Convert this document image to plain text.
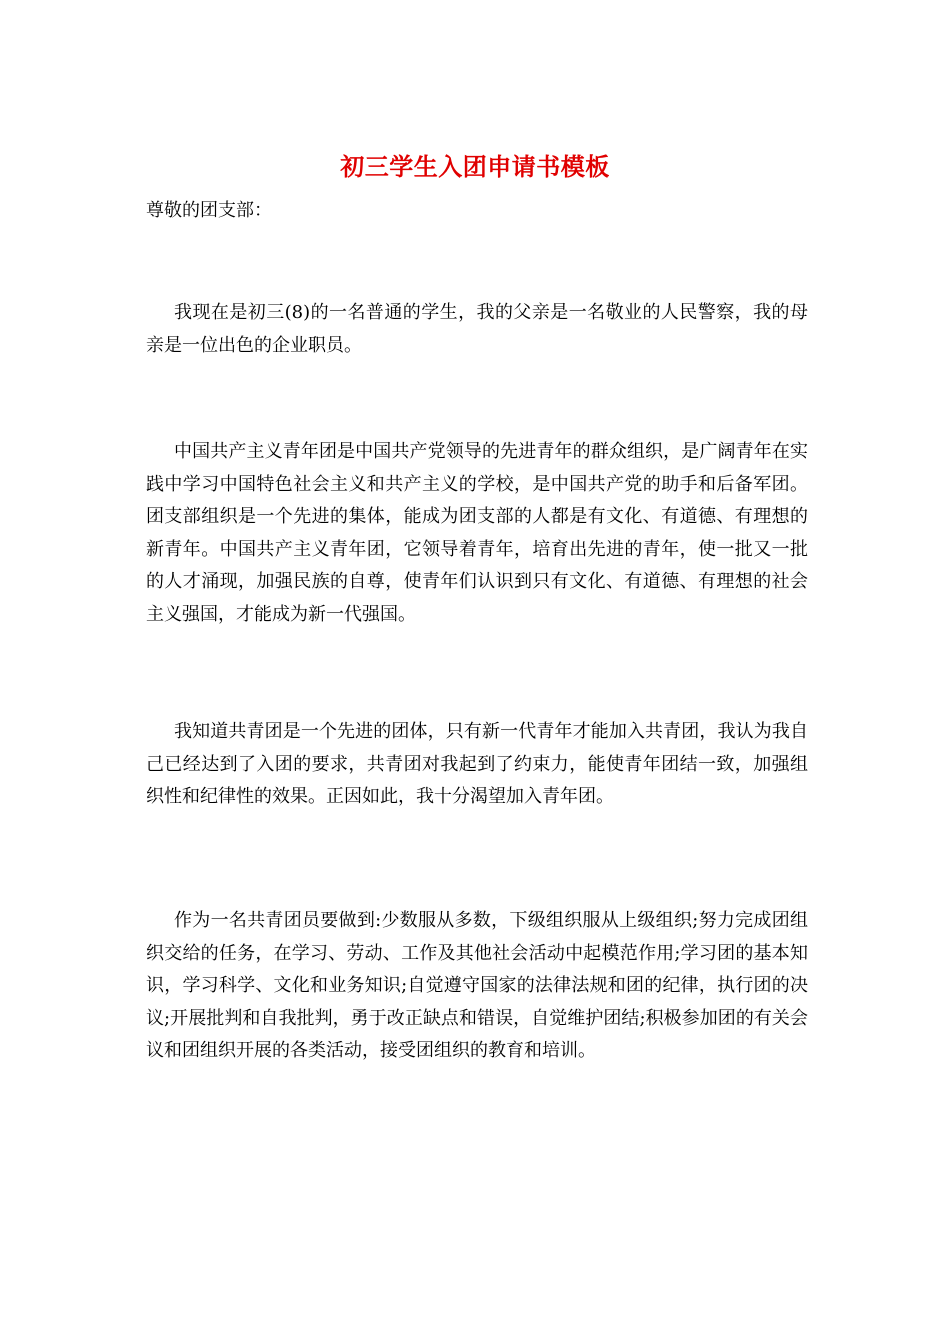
初三学生入团申请书模板
尊敬的团支部：

我现在是初三(8)的一名普通的学生，我的父亲是一名敬业的人民警察，我的母亲是一位出色的企业职员。

中国共产主义青年团是中国共产党领导的先进青年的群众组织，是广阔青年在实践中学习中国特色社会主义和共产主义的学校，是中国共产党的助手和后备军团。 团支部组织是一个先进的集体，能成为团支部的人都是有文化、有道德、有理想的新青年。中国共产主义青年团，它领导着青年，培育出先进的青年，使一批又一批的人才涌现，加强民族的自尊，使青年们认识到只有文化、有道德、有理想的社会主义强国，才能成为新一代强国。

我知道共青团是一个先进的团体，只有新一代青年才能加入共青团，我认为我自己已经达到了入团的要求，共青团对我起到了约束力，能使青年团结一致，加强组织性和纪律性的效果。正因如此，我十分渴望加入青年团。

作为一名共青团员要做到:少数服从多数，下级组织服从上级组织;努力完成团组织交给的任务，在学习、劳动、工作及其他社会活动中起模范作用;学习团的基本知识，学习科学、文化和业务知识;自觉遵守国家的法律法规和团的纪律，执行团的决议;开展批判和自我批判，勇于改正缺点和错误，自觉维护团结;积极参加团的有关会议和团组织开展的各类活动，接受团组织的教育和培训。
